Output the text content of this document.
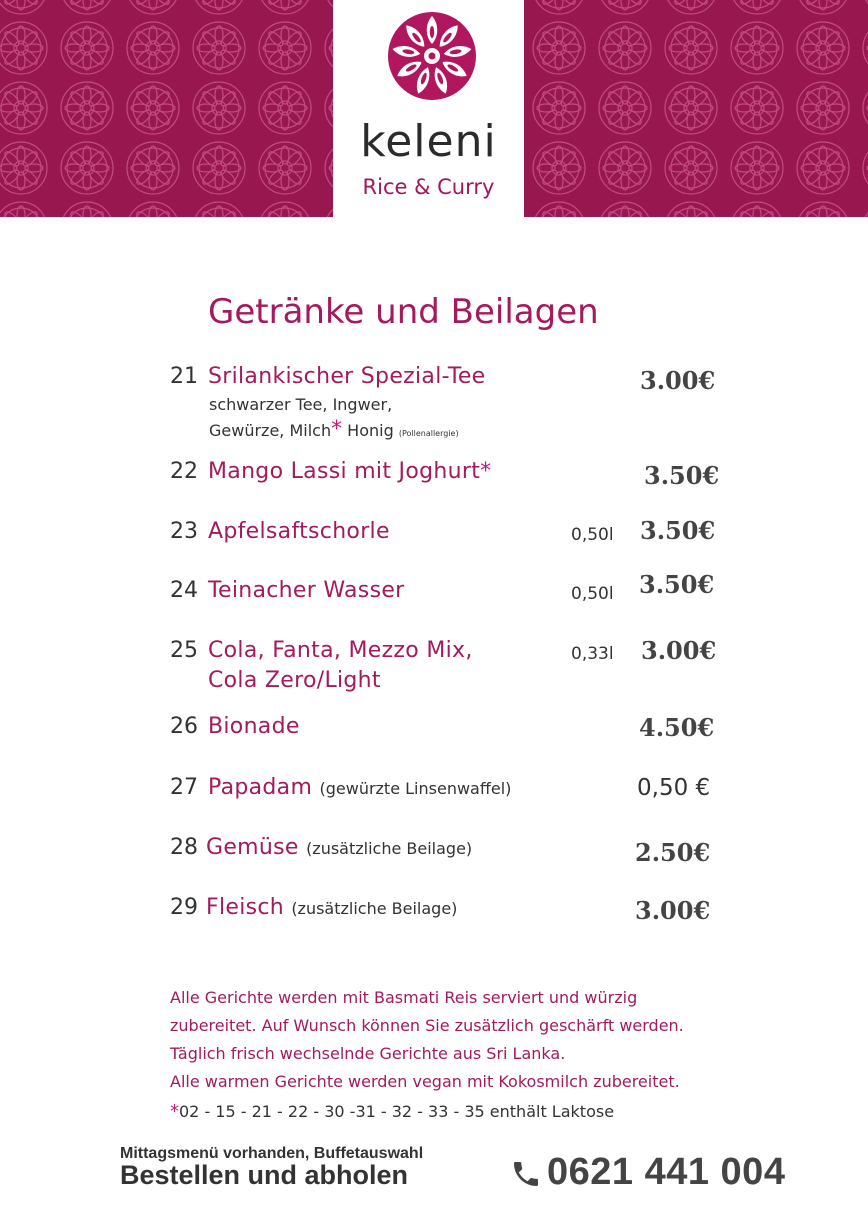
keleni
Rice & Curry
Getränke und Beilagen
21 Srilankischer Spezial-Tee
schwarzer Tee, Ingwer,
Gewürze, Milch* Honig (Pollenallergie)
3.00€
22 Mango Lassi mit Joghurt*	3.50€
23 Apfelsaftschorle	0,50l 3.50€
24 Teinacher Wasser	0,50l 3.50€
25 Cola, Fanta, Mezzo Mix,
Cola Zero/Light
0,33l 3.00€
26 Bionade	4.50€
27 Papadam (gewürzte Linsenwaffel)	0,50 €
28 Gemüse (zusätzliche Beilage)	2.50€
29 Fleisch (zusätzliche Beilage)	3.00€
Alle Gerichte werden mit Basmati Reis serviert und würzig
zubereitet. Auf Wunsch können Sie zusätzlich geschärft werden.
Täglich frisch wechselnde Gerichte aus Sri Lanka.
Alle warmen Gerichte werden vegan mit Kokosmilch zubereitet.
*02 - 15 - 21 - 22 - 30 -31 - 32 - 33 - 35 enthält Laktose
Mittagsmenü vorhanden, Buffetauswahl
Bestellen und abholen	0621 441 004
